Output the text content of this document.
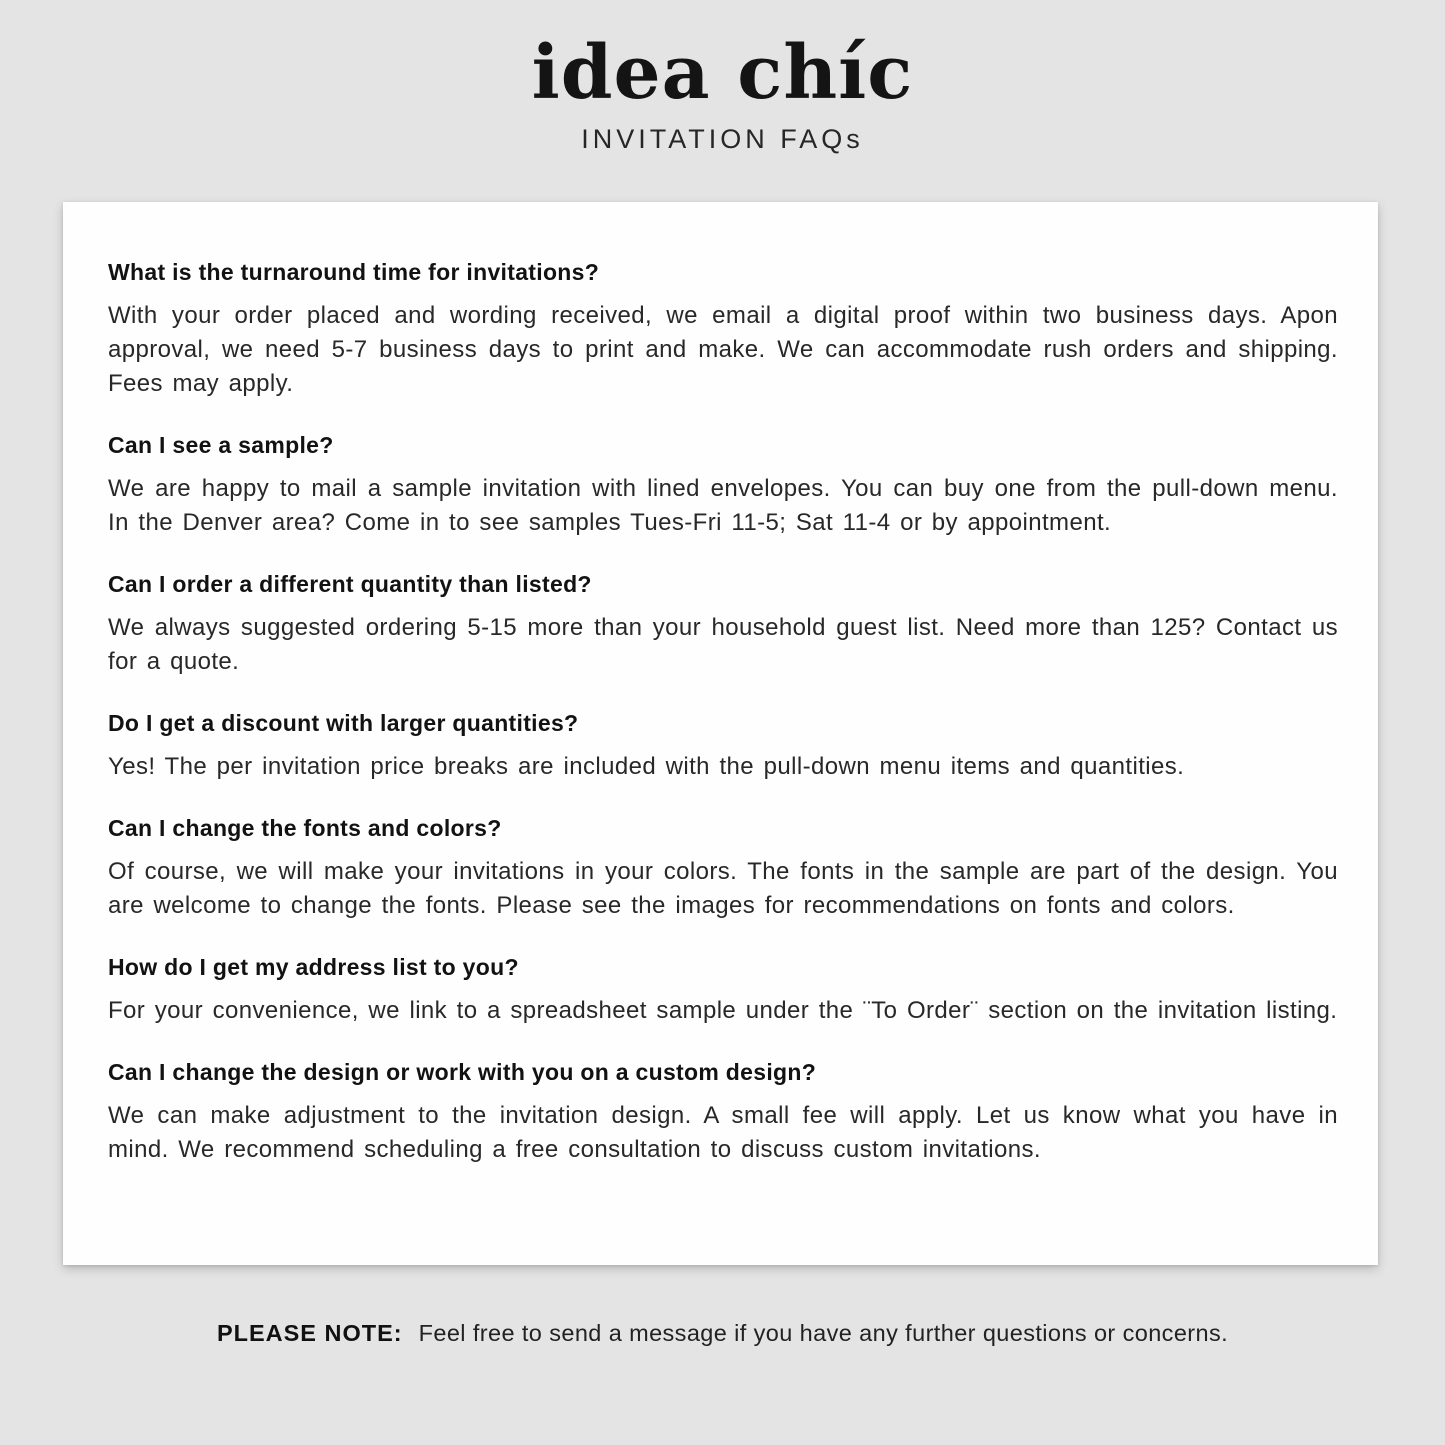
idea chíc
INVITATION FAQs
What is the turnaround time for invitations?
With your order placed and wording received, we email a digital proof within two business days. Apon approval, we need 5-7 business days to print and make. We can accommodate rush orders and shipping. Fees may apply.
Can I see a sample?
We are happy to mail a sample invitation with lined envelopes. You can buy one from the pull-down menu. In the Denver area? Come in to see samples Tues-Fri 11-5; Sat 11-4 or by appointment.
Can I order a different quantity than listed?
We always suggested ordering 5-15 more than your household guest list. Need more than 125? Contact us for a quote.
Do I get a discount with larger quantities?
Yes! The per invitation price breaks are included with the pull-down menu items and quantities.
Can I change the fonts and colors?
Of course, we will make your invitations in your colors. The fonts in the sample are part of the design. You are welcome to change the fonts. Please see the images for recommendations on fonts and colors.
How do I get my address list to you?
For your convenience, we link to a spreadsheet sample under the ¨To Order¨ section on the invitation listing.
Can I change the design or work with you on a custom design?
We can make adjustment to the invitation design. A small fee will apply. Let us know what you have in mind. We recommend scheduling a free consultation to discuss custom invitations.
PLEASE NOTE: Feel free to send a message if you have any further questions or concerns.
